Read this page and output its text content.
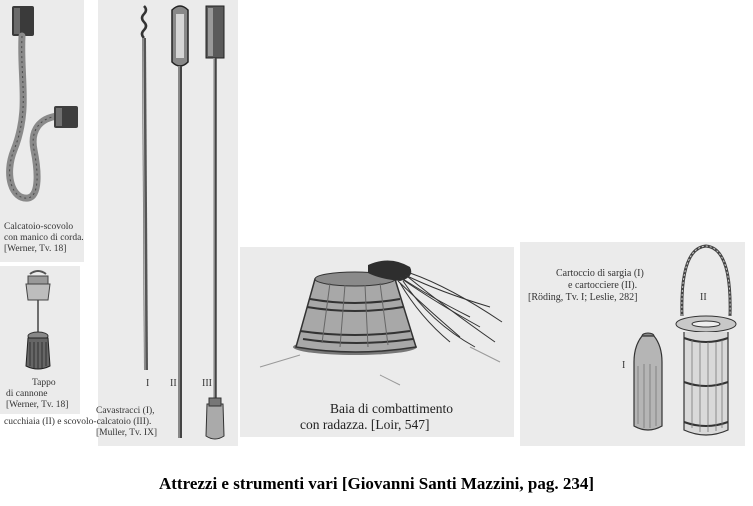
Calcatoio-scovolo
con manico di corda.
[Werner, Tv. 18]
Tappo
di cannone
[Werner, Tv. 18]
I II	III
Cavastracci (I),
cucchiaia (II) e scovolo-calcatoio (III).
[Muller, Tv. IX]
Baia di combattimento
con radazza. [Loir, 547]
Cartoccio di sargia (I)
e cartocciere (II).
[Röding, Tv. I; Leslie, 282]
I
II
Attrezzi e strumenti vari [Giovanni Santi Mazzini, pag. 234]
